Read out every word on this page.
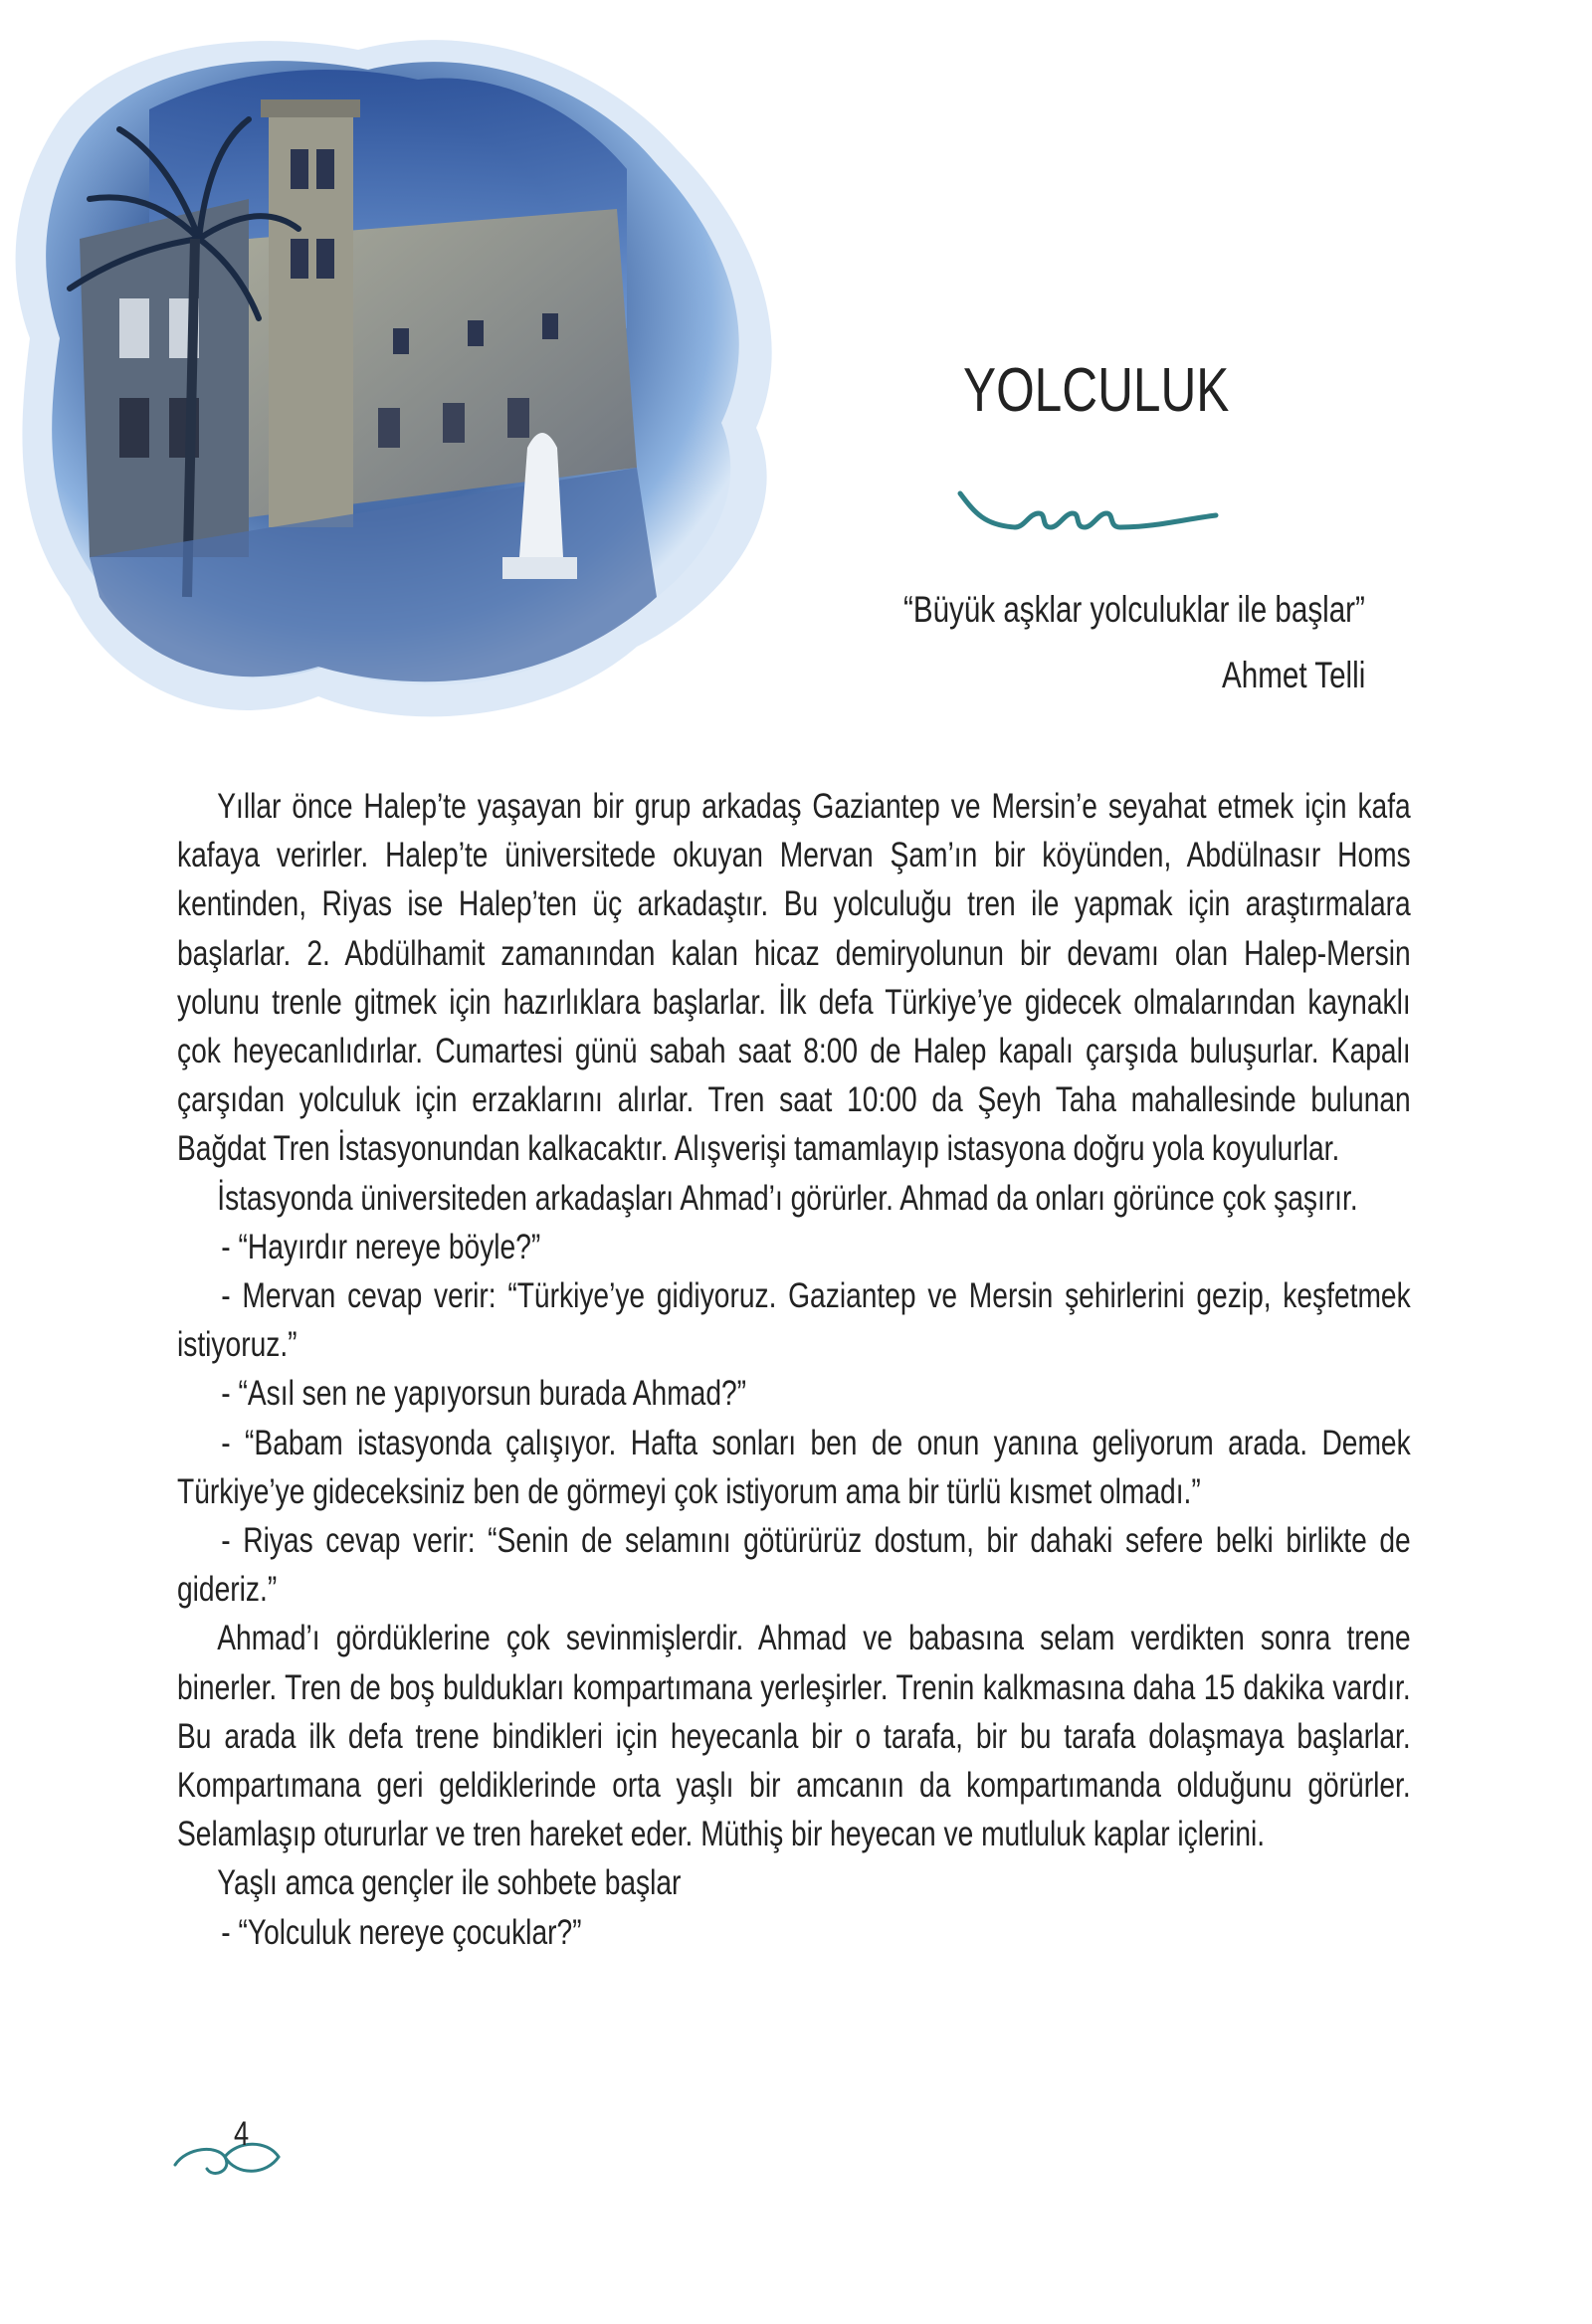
YOLCULUK
“Büyük aşklar yolculuklar ile başlar”
Ahmet Telli

Yıllar önce Halep’te yaşayan bir grup arkadaş Gaziantep ve Mersin’e seyahat etmek için kafa kafaya verirler. Halep’te üniversitede okuyan Mervan Şam’ın bir köyünden, Abdülnasır Homs kentinden, Riyas ise Halep’ten üç arkadaştır. Bu yolculuğu tren ile yapmak için araştırmalara başlarlar. 2. Abdülhamit zamanından kalan hicaz demiryolunun bir devamı olan Halep-Mersin yolunu trenle gitmek için hazırlıklara başlarlar. İlk defa Türkiye’ye gidecek olmalarından kaynaklı çok heyecanlıdırlar. Cumartesi günü sabah saat 8:00 de Halep kapalı çarşıda buluşurlar. Kapalı çarşıdan yolculuk için erzaklarını alırlar. Tren saat 10:00 da Şeyh Taha mahallesinde bulunan Bağdat Tren İstasyonundan kalkacaktır. Alışverişi tamamlayıp istasyona doğru yola koyulurlar.

İstasyonda üniversiteden arkadaşları Ahmad’ı görürler. Ahmad da onları görünce çok şaşırır.

- “Hayırdır nereye böyle?”

- Mervan cevap verir: “Türkiye’ye gidiyoruz. Gaziantep ve Mersin şehirlerini gezip, keşfetmek istiyoruz.”

- “Asıl sen ne yapıyorsun burada Ahmad?”

- “Babam istasyonda çalışıyor. Hafta sonları ben de onun yanına geliyorum arada. Demek Türkiye’ye gideceksiniz ben de görmeyi çok istiyorum ama bir türlü kısmet olmadı.”

- Riyas cevap verir: “Senin de selamını götürürüz dostum, bir dahaki sefere belki birlikte de gideriz.”

Ahmad’ı gördüklerine çok sevinmişlerdir. Ahmad ve babasına selam verdikten sonra trene binerler. Tren de boş buldukları kompartımana yerleşirler. Trenin kalkmasına daha 15 dakika vardır. Bu arada ilk defa trene bindikleri için heyecanla bir o tarafa, bir bu tarafa dolaşmaya başlarlar. Kompartımana geri geldiklerinde orta yaşlı bir amcanın da kompartımanda olduğunu görürler. Selamlaşıp otururlar ve tren hareket eder. Müthiş bir heyecan ve mutluluk kaplar içlerini.

Yaşlı amca gençler ile sohbete başlar

- “Yolculuk nereye çocuklar?”

4
